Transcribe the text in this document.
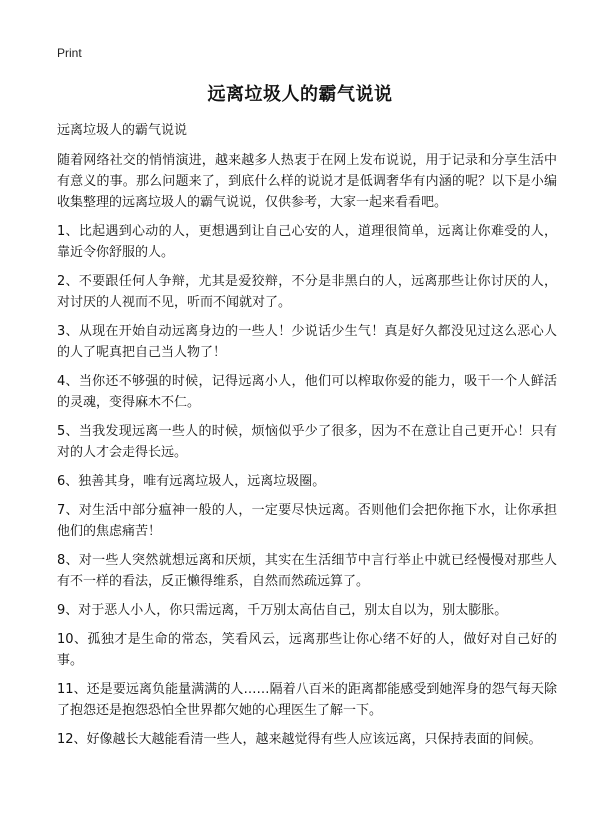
Print
远离垃圾人的霸气说说
远离垃圾人的霸气说说

随着网络社交的悄悄演进，越来越多人热衷于在网上发布说说，用于记录和分享生活中有意义的事。那么问题来了，到底什么样的说说才是低调奢华有内涵的呢？以下是小编收集整理的远离垃圾人的霸气说说，仅供参考，大家一起来看看吧。

1、比起遇到心动的人，更想遇到让自己心安的人，道理很简单，远离让你难受的人，靠近令你舒服的人。

2、不要跟任何人争辩，尤其是爱狡辩，不分是非黑白的人，远离那些让你讨厌的人，对讨厌的人视而不见，听而不闻就对了。

3、从现在开始自动远离身边的一些人！少说话少生气！真是好久都没见过这么恶心人的人了呢真把自己当人物了！

4、当你还不够强的时候，记得远离小人，他们可以榨取你爱的能力，吸干一个人鲜活的灵魂，变得麻木不仁。

5、当我发现远离一些人的时候，烦恼似乎少了很多，因为不在意让自己更开心！只有对的人才会走得长远。

6、独善其身，唯有远离垃圾人，远离垃圾圈。

7、对生活中部分瘟神一般的人，一定要尽快远离。否则他们会把你拖下水，让你承担他们的焦虑痛苦！

8、对一些人突然就想远离和厌烦，其实在生活细节中言行举止中就已经慢慢对那些人有不一样的看法，反正懒得维系，自然而然疏远算了。

9、对于恶人小人，你只需远离，千万别太高估自己，别太自以为，别太膨胀。

10、孤独才是生命的常态，笑看风云，远离那些让你心绪不好的人，做好对自己好的事。

11、还是要远离负能量满满的人……隔着八百米的距离都能感受到她浑身的怨气每天除了抱怨还是抱怨恐怕全世界都欠她的心理医生了解一下。

12、好像越长大越能看清一些人，越来越觉得有些人应该远离，只保持表面的间候。
